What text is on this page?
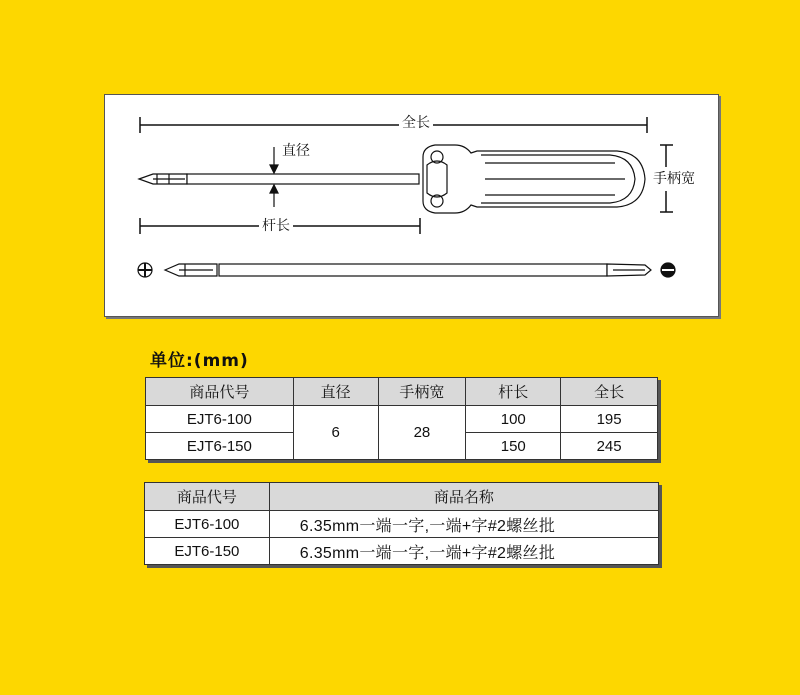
全长
直径
手柄宽
杆长
单位:(mm)
商品代号	直径	手柄宽	杆长	全长
EJT6-100	6	28	100	195
EJT6-150			150	245
商品代号	商品名称
EJT6-100	6.35mm一端一字,一端+字#2螺丝批
EJT6-150	6.35mm一端一字,一端+字#2螺丝批
